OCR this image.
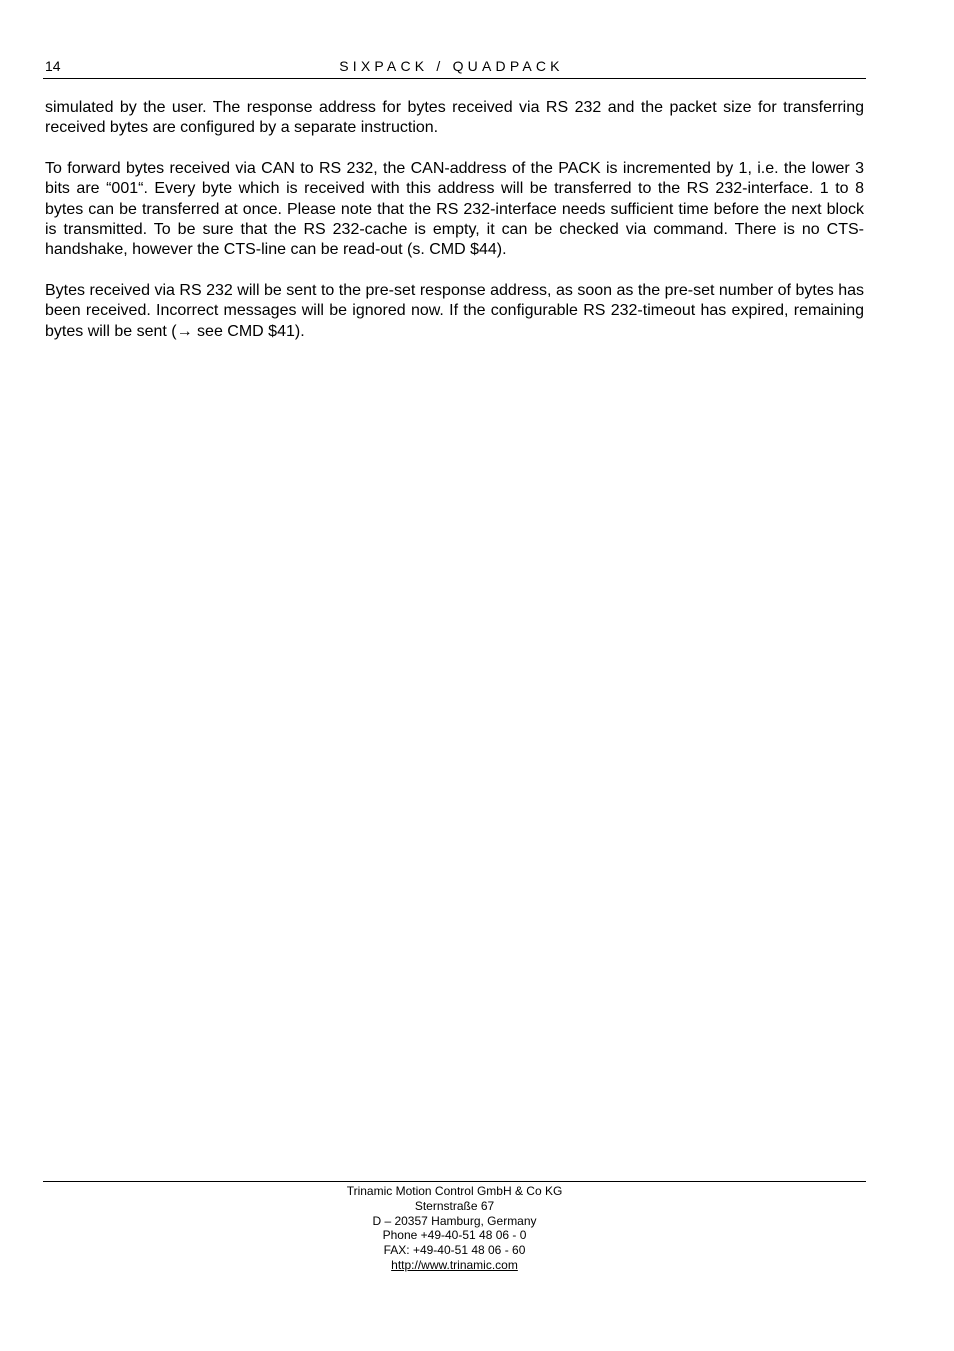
14	SIXPACK / QUADPACK

simulated by the user. The response address for bytes received via RS 232 and the packet size for transferring received bytes are configured by a separate instruction.

To forward bytes received via CAN to RS 232, the CAN-address of the PACK is incremented by 1, i.e. the lower 3 bits are “001“. Every byte which is received with this address will be transferred to the RS 232-interface. 1 to 8 bytes can be transferred at once. Please note that the RS 232-interface needs sufficient time before the next block is transmitted. To be sure that the RS 232-cache is empty, it can be checked via command. There is no CTS-handshake, however the CTS-line can be read-out (s. CMD $44).

Bytes received via RS 232 will be sent to the pre-set response address, as soon as the pre-set number of bytes has been received. Incorrect messages will be ignored now. If the configurable RS 232-timeout has expired, remaining bytes will be sent (→ see CMD $41).

Trinamic Motion Control GmbH & Co KG
Sternstraße 67
D – 20357 Hamburg, Germany
Phone +49-40-51 48 06 - 0
FAX: +49-40-51 48 06 - 60
http://www.trinamic.com
